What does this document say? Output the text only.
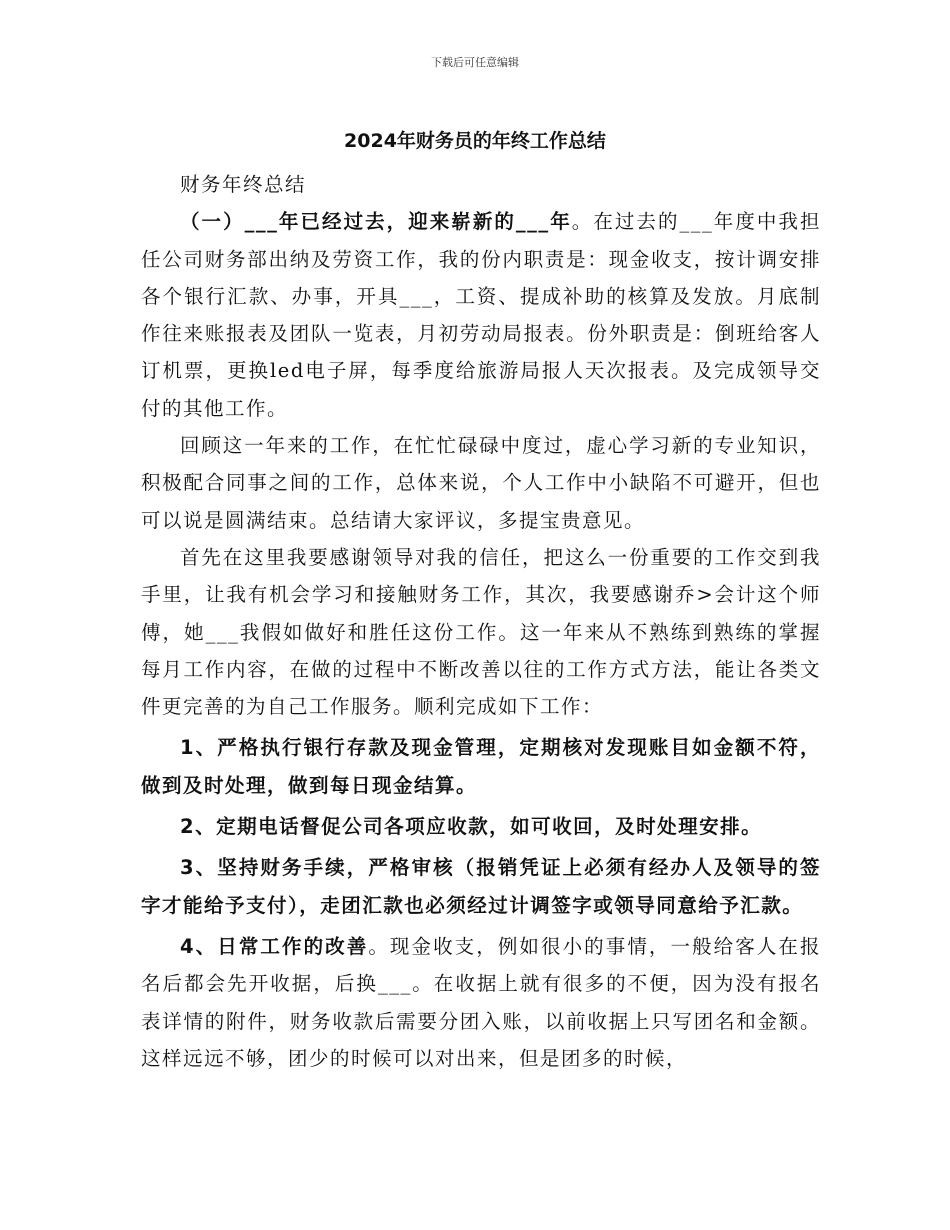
下载后可任意编辑
2024年财务员的年终工作总结

财务年终总结

（一）___年已经过去，迎来崭新的___年。在过去的___年度中我担任公司财务部出纳及劳资工作，我的份内职责是：现金收支，按计调安排各个银行汇款、办事，开具___，工资、提成补助的核算及发放。月底制作往来账报表及团队一览表，月初劳动局报表。份外职责是：倒班给客人订机票，更换led电子屏，每季度给旅游局报人天次报表。及完成领导交付的其他工作。

回顾这一年来的工作，在忙忙碌碌中度过，虚心学习新的专业知识，积极配合同事之间的工作，总体来说，个人工作中小缺陷不可避开，但也可以说是圆满结束。总结请大家评议，多提宝贵意见。

首先在这里我要感谢领导对我的信任，把这么一份重要的工作交到我手里，让我有机会学习和接触财务工作，其次，我要感谢乔>会计这个师傅，她___我假如做好和胜任这份工作。这一年来从不熟练到熟练的掌握每月工作内容，在做的过程中不断改善以往的工作方式方法，能让各类文件更完善的为自己工作服务。顺利完成如下工作：

1、严格执行银行存款及现金管理，定期核对发现账目如金额不符，做到及时处理，做到每日现金结算。

2、定期电话督促公司各项应收款，如可收回，及时处理安排。

3、坚持财务手续，严格审核（报销凭证上必须有经办人及领导的签字才能给予支付），走团汇款也必须经过计调签字或领导同意给予汇款。

4、日常工作的改善。现金收支，例如很小的事情，一般给客人在报名后都会先开收据，后换___。在收据上就有很多的不便，因为没有报名表详情的附件，财务收款后需要分团入账，以前收据上只写团名和金额。这样远远不够，团少的时候可以对出来，但是团多的时候，
